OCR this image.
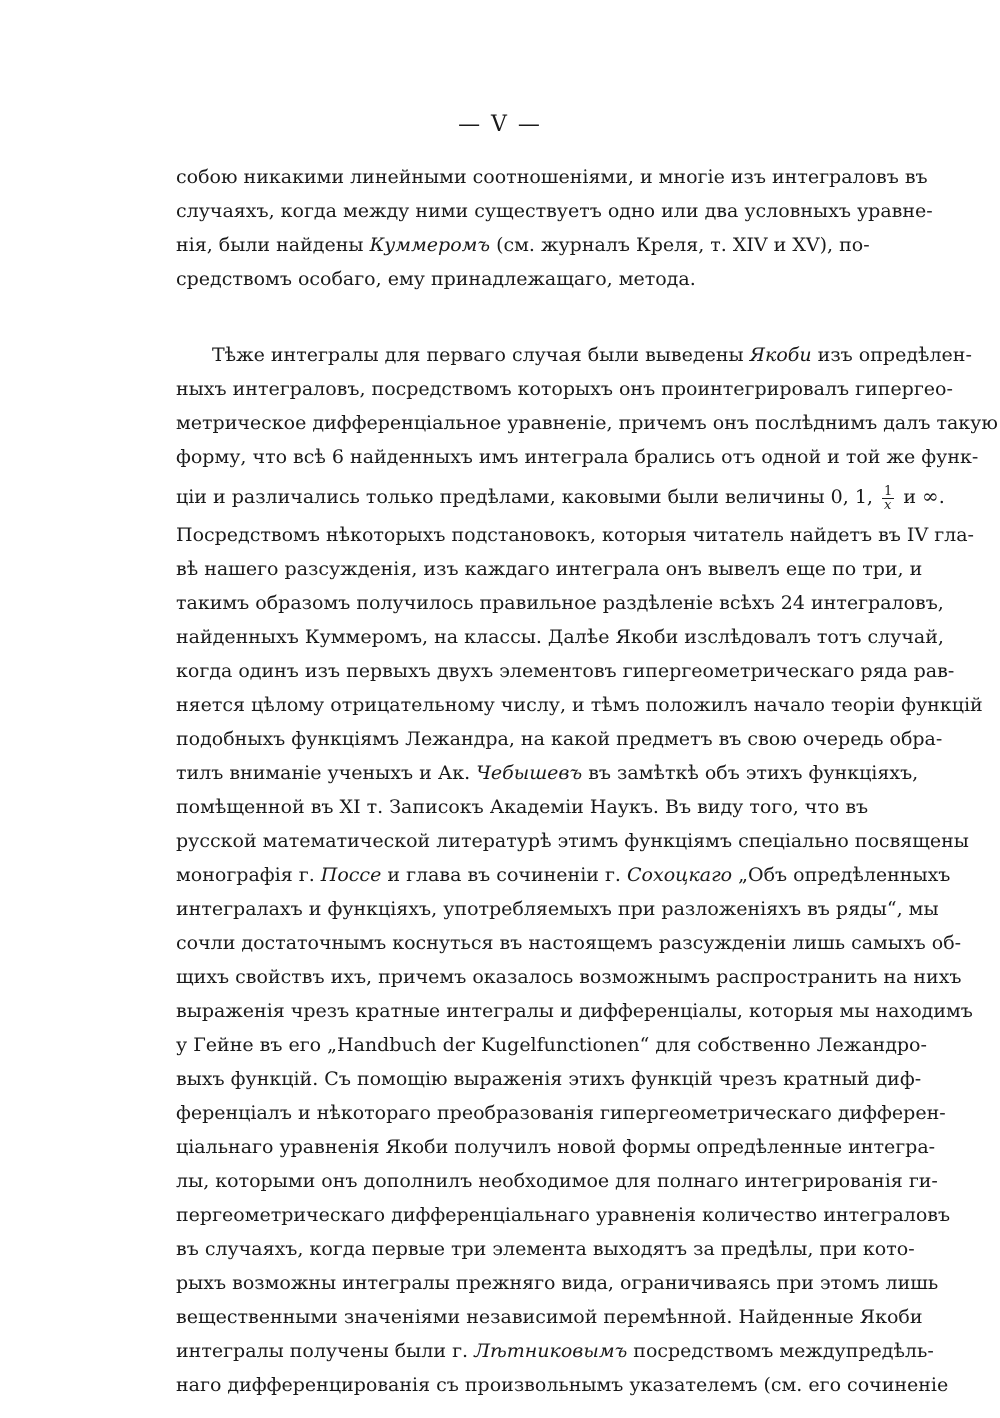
— V —
собою никакими линейными соотношеніями, и многіе изъ интеграловъ въ
случаяхъ, когда между ними существуетъ одно или два условныхъ уравне-
нія, были найдены Куммеромъ (см. журналъ Креля, т. XIV и XV), по-
средствомъ особаго, ему принадлежащаго, метода.
Тѣже интегралы для перваго случая были выведены Якоби изъ опредѣлен-
ныхъ интеграловъ, посредствомъ которыхъ онъ проинтегрировалъ гипергео-
метрическое дифференціальное уравненіе, причемъ онъ послѣднимъ далъ такую
форму, что всѣ 6 найденныхъ имъ интеграла брались отъ одной и той же функ-
ціи и различались только предѣлами, каковыми были величины 0, 1, $\frac{1}{x}$ и ∞.
Посредствомъ нѣкоторыхъ подстановокъ, которыя читатель найдетъ въ IV гла-
вѣ нашего разсужденія, изъ каждаго интеграла онъ вывелъ еще по три, и
такимъ образомъ получилось правильное раздѣленіе всѣхъ 24 интеграловъ,
найденныхъ Куммеромъ, на классы. Далѣе Якоби изслѣдовалъ тотъ случай,
когда одинъ изъ первыхъ двухъ элементовъ гипергеометрическаго ряда рав-
няется цѣлому отрицательному числу, и тѣмъ положилъ начало теоріи функцій
подобныхъ функціямъ Лежандра, на какой предметъ въ свою очередь обра-
тилъ вниманіе ученыхъ и Ак. Чебышевъ въ замѣткѣ объ этихъ функціяхъ,
помѣщенной въ XI т. Записокъ Академіи Наукъ. Въ виду того, что въ
русской математической литературѣ этимъ функціямъ спеціально посвящены
монографія г. Поссе и глава въ сочиненіи г. Сохоцкаго „Объ опредѣленныхъ
интегралахъ и функціяхъ, употребляемыхъ при разложеніяхъ въ ряды“, мы
сочли достаточнымъ коснуться въ настоящемъ разсужденіи лишь самыхъ об-
щихъ свойствъ ихъ, причемъ оказалось возможнымъ распространить на нихъ
выраженія чрезъ кратные интегралы и дифференціалы, которыя мы находимъ
у Гейне въ его „Handbuch der Kugelfunctionen“ для собственно Лежандро-
выхъ функцій. Съ помощію выраженія этихъ функцій чрезъ кратный диф-
ференціалъ и нѣкотораго преобразованія гипергеометрическаго дифферен-
ціальнаго уравненія Якоби получилъ новой формы опредѣленные интегра-
лы, которыми онъ дополнилъ необходимое для полнаго интегрированія ги-
пергеометрическаго дифференціальнаго уравненія количество интеграловъ
въ случаяхъ, когда первые три элемента выходятъ за предѣлы, при кото-
рыхъ возможны интегралы прежняго вида, ограничиваясь при этомъ лишь
вещественными значеніями независимой перемѣнной. Найденные Якоби
интегралы получены были г. Лѣтниковымъ посредствомъ междупредѣль-
наго дифференцированія съ произвольнымъ указателемъ (см. его сочиненіе
